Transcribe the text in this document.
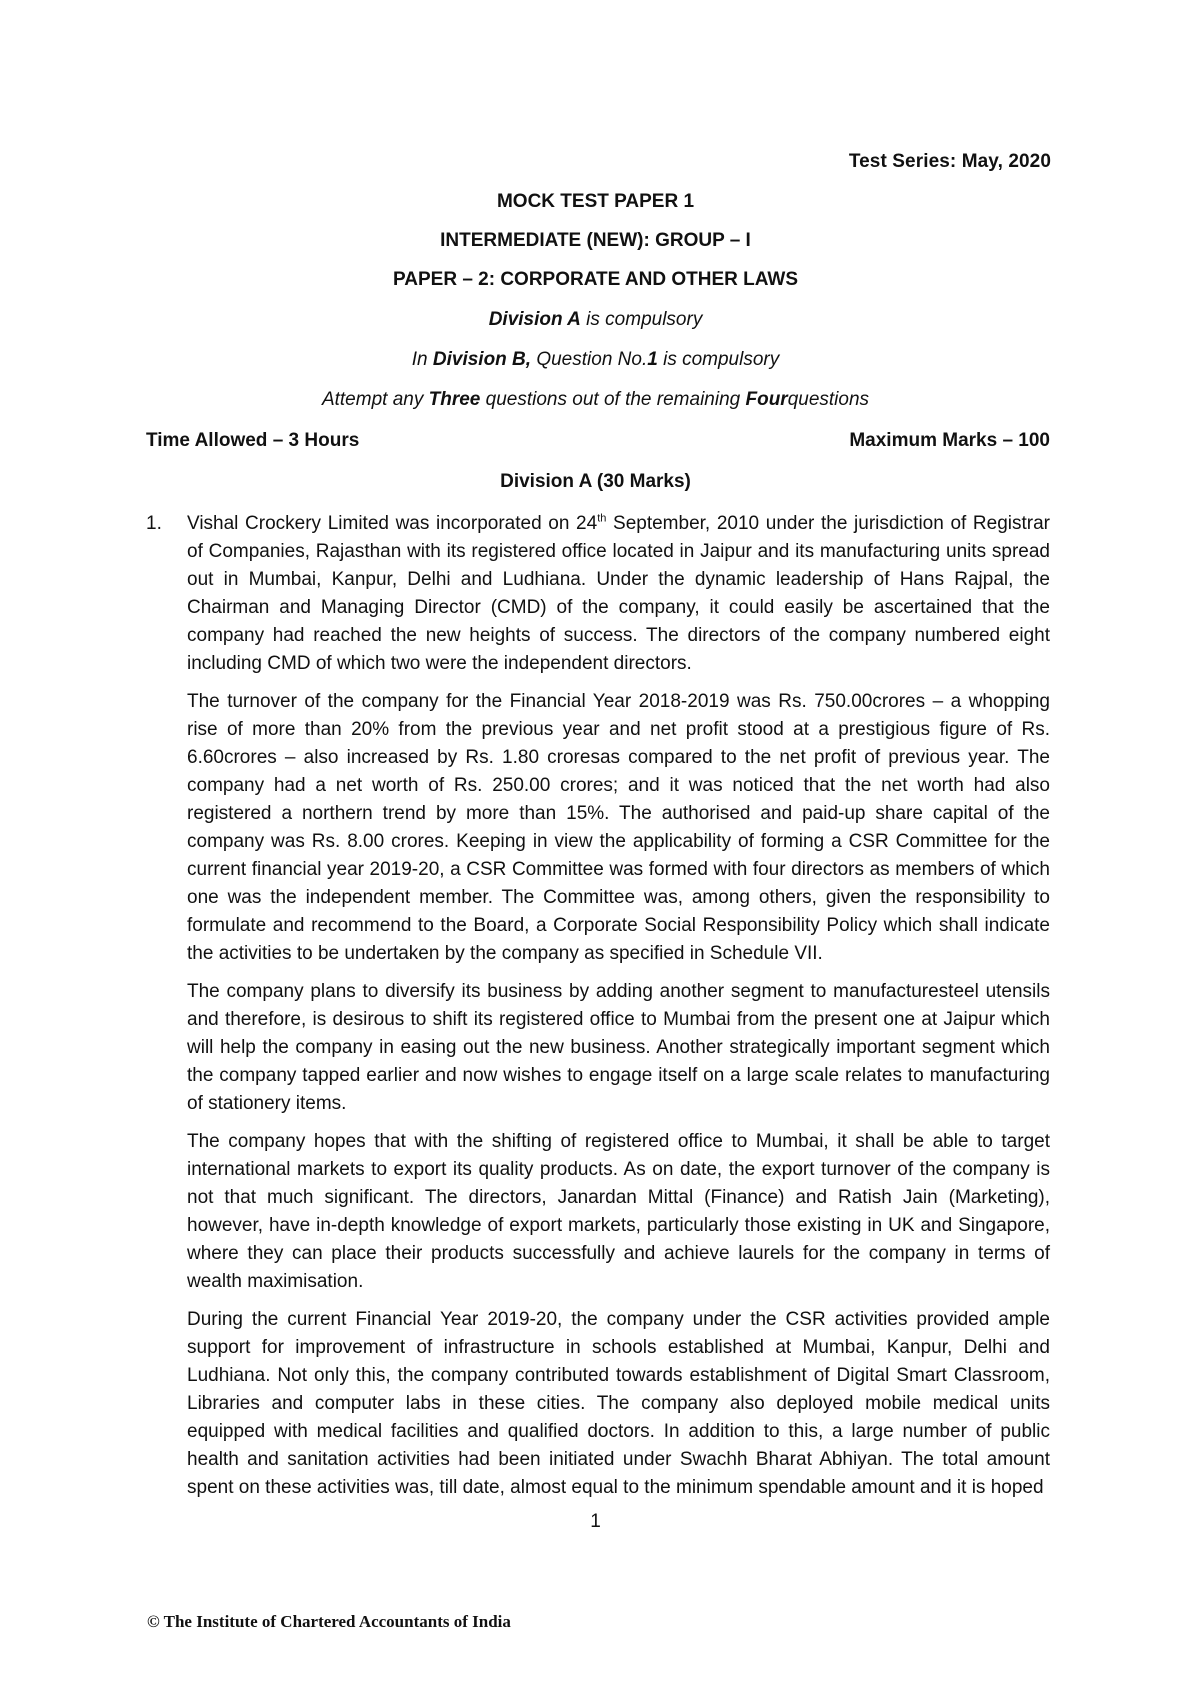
Test Series: May, 2020
MOCK TEST PAPER 1
INTERMEDIATE (NEW): GROUP – I
PAPER – 2: CORPORATE AND OTHER LAWS
Division A is compulsory
In Division B, Question No.1 is compulsory
Attempt any Three questions out of the remaining Fourquestions
Time Allowed – 3 Hours	Maximum Marks – 100
Division A (30 Marks)
1. Vishal Crockery Limited was incorporated on 24th September, 2010 under the jurisdiction of Registrar of Companies, Rajasthan with its registered office located in Jaipur and its manufacturing units spread out in Mumbai, Kanpur, Delhi and Ludhiana. Under the dynamic leadership of Hans Rajpal, the Chairman and Managing Director (CMD) of the company, it could easily be ascertained that the company had reached the new heights of success. The directors of the company numbered eight including CMD of which two were the independent directors.

The turnover of the company for the Financial Year 2018-2019 was Rs. 750.00crores – a whopping rise of more than 20% from the previous year and net profit stood at a prestigious figure of Rs. 6.60crores – also increased by Rs. 1.80 croresas compared to the net profit of previous year. The company had a net worth of Rs. 250.00 crores; and it was noticed that the net worth had also registered a northern trend by more than 15%. The authorised and paid-up share capital of the company was Rs. 8.00 crores. Keeping in view the applicability of forming a CSR Committee for the current financial year 2019-20, a CSR Committee was formed with four directors as members of which one was the independent member. The Committee was, among others, given the responsibility to formulate and recommend to the Board, a Corporate Social Responsibility Policy which shall indicate the activities to be undertaken by the company as specified in Schedule VII.

The company plans to diversify its business by adding another segment to manufacturesteel utensils and therefore, is desirous to shift its registered office to Mumbai from the present one at Jaipur which will help the company in easing out the new business. Another strategically important segment which the company tapped earlier and now wishes to engage itself on a large scale relates to manufacturing of stationery items.

The company hopes that with the shifting of registered office to Mumbai, it shall be able to target international markets to export its quality products. As on date, the export turnover of the company is not that much significant. The directors, Janardan Mittal (Finance) and Ratish Jain (Marketing), however, have in-depth knowledge of export markets, particularly those existing in UK and Singapore, where they can place their products successfully and achieve laurels for the company in terms of wealth maximisation.

During the current Financial Year 2019-20, the company under the CSR activities provided ample support for improvement of infrastructure in schools established at Mumbai, Kanpur, Delhi and Ludhiana. Not only this, the company contributed towards establishment of Digital Smart Classroom, Libraries and computer labs in these cities. The company also deployed mobile medical units equipped with medical facilities and qualified doctors. In addition to this, a large number of public health and sanitation activities had been initiated under Swachh Bharat Abhiyan. The total amount spent on these activities was, till date, almost equal to the minimum spendable amount and it is hoped

1
© The Institute of Chartered Accountants of India
